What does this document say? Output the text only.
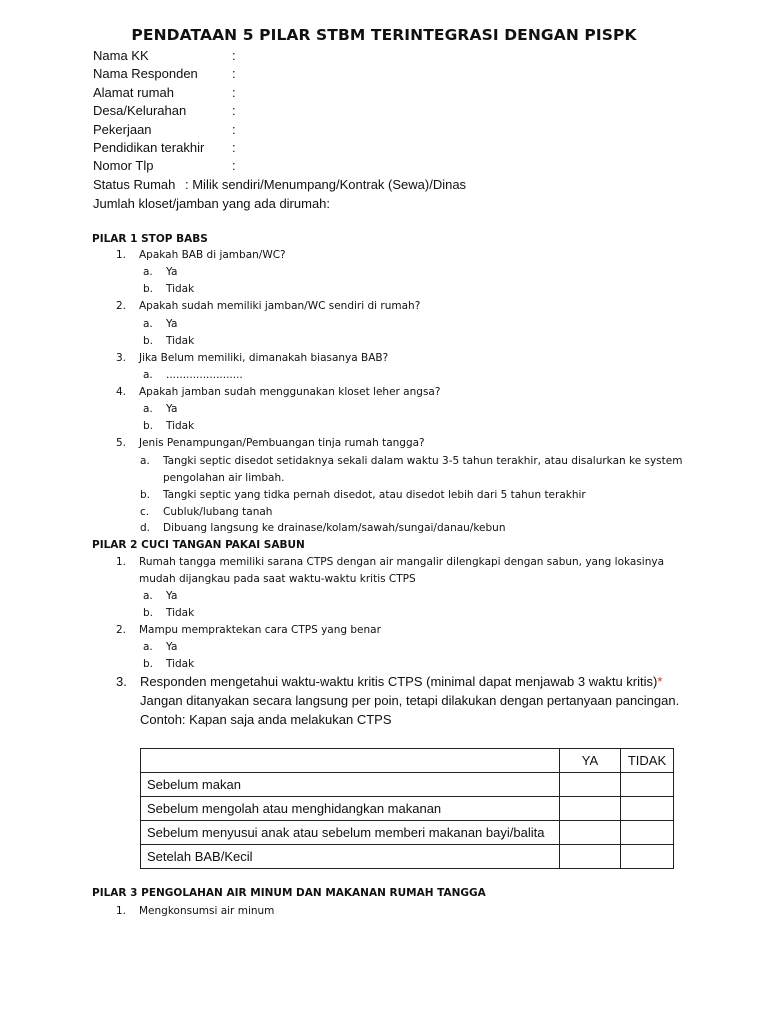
PENDATAAN 5 PILAR STBM TERINTEGRASI DENGAN PISPK
Nama KK	:
Nama Responden	:
Alamat rumah	:
Desa/Kelurahan	:
Pekerjaan	:
Pendidikan terakhir :
Nomor Tlp	:
Status Rumah : Milik sendiri/Menumpang/Kontrak (Sewa)/Dinas
Jumlah kloset/jamban yang ada dirumah:
PILAR 1 STOP BABS
1. Apakah BAB di jamban/WC?
a. Ya
b. Tidak
2. Apakah sudah memiliki jamban/WC sendiri di rumah?
a. Ya
b. Tidak
3. Jika Belum memiliki, dimanakah biasanya BAB?
a. .......................
4. Apakah jamban sudah menggunakan kloset leher angsa?
a. Ya
b. Tidak
5. Jenis Penampungan/Pembuangan tinja rumah tangga?
a. Tangki septic disedot setidaknya sekali dalam waktu 3-5 tahun terakhir, atau disalurkan ke system
pengolahan air limbah.
b. Tangki septic yang tidka pernah disedot, atau disedot lebih dari 5 tahun terakhir
c. Cubluk/lubang tanah
d. Dibuang langsung ke drainase/kolam/sawah/sungai/danau/kebun
PILAR 2 CUCI TANGAN PAKAI SABUN
1. Rumah tangga memiliki sarana CTPS dengan air mangalir dilengkapi dengan sabun, yang lokasinya
mudah dijangkau pada saat waktu-waktu kritis CTPS
a. Ya
b. Tidak
2. Mampu mempraktekan cara CTPS yang benar
a. Ya
b. Tidak
3. Responden mengetahui waktu-waktu kritis CTPS (minimal dapat menjawab 3 waktu kritis)*
Jangan ditanyakan secara langsung per poin, tetapi dilakukan dengan pertanyaan pancingan.
Contoh: Kapan saja anda melakukan CTPS
	YA	TIDAK
Sebelum makan		
Sebelum mengolah atau menghidangkan makanan		
Sebelum menyusui anak atau sebelum memberi makanan bayi/balita		
Setelah BAB/Kecil		
PILAR 3 PENGOLAHAN AIR MINUM DAN MAKANAN RUMAH TANGGA
1. Mengkonsumsi air minum
